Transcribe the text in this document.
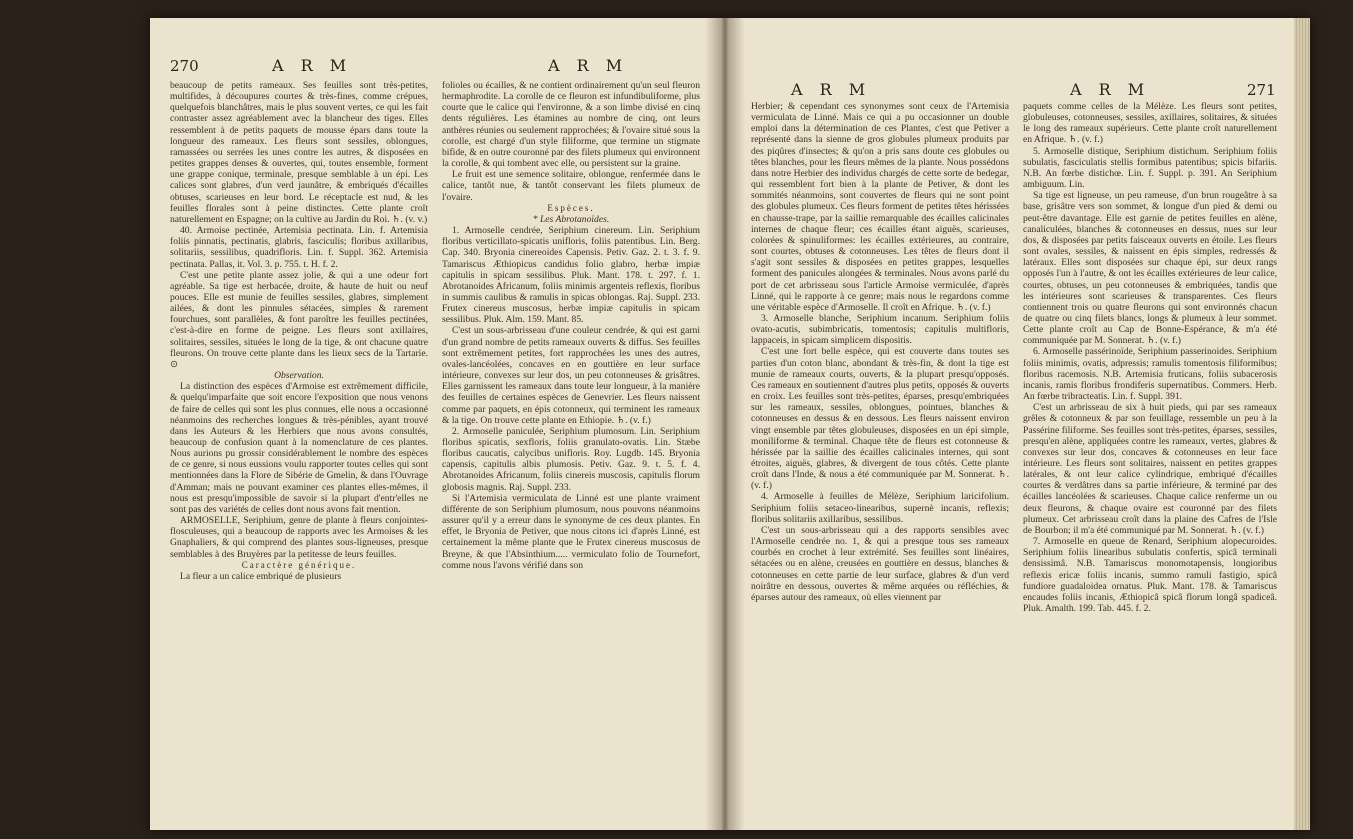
270	A R M	A R M

beaucoup de petits rameaux. Ses feuilles sont très-petites, multifides, à découpures courtes & très-fines, comme crépues, quelquefois blanchâtres, mais le plus souvent vertes, ce qui les fait contraster assez agréablement avec la blancheur des tiges. Elles ressemblent à de petits paquets de mousse épars dans toute la longueur des rameaux. Les fleurs sont sessiles, oblongues, ramassées ou serrées les unes contre les autres, & disposées en petites grappes denses & ouvertes, qui, toutes ensemble, forment une grappe conique, terminale, presque semblable à un épi. Les calices sont glabres, d'un verd jaunâtre, & embriqués d'écailles obtuses, scarieuses en leur bord. Le réceptacle est nud, & les feuilles florales sont à peine distinctes. Cette plante croît naturellement en Espagne; on la cultive au Jardin du Roi. ♄. (v. v.)

40. Armoise pectinée, Artemisia pectinata. Lin. f. Artemisia foliis pinnatis, pectinatis, glabris, fasciculis; floribus axillaribus, solitariis, sessilibus, quadrifloris. Lin. f. Suppl. 362. Artemisia pectinata. Pallas, it. Vol. 3. p. 755. t. H. f. 2.

C'est une petite plante assez jolie, & qui a une odeur fort agréable. Sa tige est herbacée, droite, & haute de huit ou neuf pouces. Elle est munie de feuilles sessiles, glabres, simplement ailées, & dont les pinnules sétacées, simples & rarement fourchues, sont parallèles, & font paroître les feuilles pectinées, c'est-à-dire en forme de peigne. Les fleurs sont axillaires, solitaires, sessiles, situées le long de la tige, & ont chacune quatre fleurons. On trouve cette plante dans les lieux secs de la Tartarie. ⊙

Observation.

La distinction des espèces d'Armoise est extrêmement difficile, & quelqu'imparfaite que soit encore l'exposition que nous venons de faire de celles qui sont les plus connues, elle nous a occasionné néanmoins des recherches longues & très-pénibles, ayant trouvé dans les Auteurs & les Herbiers que nous avons consultés, beaucoup de confusion quant à la nomenclature de ces plantes. Nous aurions pu grossir considérablement le nombre des espèces de ce genre, si nous eussions voulu rapporter toutes celles qui sont mentionnées dans la Flore de Sibérie de Gmelin, & dans l'Ouvrage d'Amman; mais ne pouvant examiner ces plantes elles-mêmes, il nous est presqu'impossible de savoir si la plupart d'entr'elles ne sont pas des variétés de celles dont nous avons fait mention.

ARMOSELLE, Seriphium, genre de plante à fleurs conjointes-flosculeuses, qui a beaucoup de rapports avec les Armoises & les Gnaphaliers, & qui comprend des plantes sous-ligneuses, presque semblables à des Bruyères par la petitesse de leurs feuilles.

Caractère générique.

La fleur a un calice embriqué de plusieurs

folioles ou écailles, & ne contient ordinairement qu'un seul fleuron hermaphrodite. La corolle de ce fleuron est infundibuliforme, plus courte que le calice qui l'environne, & a son limbe divisé en cinq dents régulières. Les étamines au nombre de cinq, ont leurs anthères réunies ou seulement rapprochées; & l'ovaire situé sous la corolle, est chargé d'un style filiforme, que termine un stigmate bifide, & en outre couronné par des filets plumeux qui environnent la corolle, & qui tombent avec elle, ou persistent sur la graine.

Le fruit est une semence solitaire, oblongue, renfermée dans le calice, tantôt nue, & tantôt conservant les filets plumeux de l'ovaire.

Espèces.

* Les Abrotanoïdes.

1. Armoselle cendrée, Seriphium cinereum. Lin. Seriphium floribus verticillato-spicatis unifloris, foliis patentibus. Lin. Berg. Cap. 340. Bryonia cinereoides Capensis. Petiv. Gaz. 2. t. 3. f. 9. Tamariscus Æthiopicus candidus folio glabro, herbæ impiæ capitulis in spicam sessilibus. Pluk. Mant. 178. t. 297. f. 1. Abrotanoides Africanum, foliis minimis argenteis reflexis, floribus in summis caulibus & ramulis in spicas oblongas. Raj. Suppl. 233. Frutex cinereus muscosus, herbæ impiæ capitulis in spicam sessilibus. Pluk. Alm. 159. Mant. 85.

C'est un sous-arbrisseau d'une couleur cendrée, & qui est garni d'un grand nombre de petits rameaux ouverts & diffus. Ses feuilles sont extrêmement petites, fort rapprochées les unes des autres, ovales-lancéolées, concaves en en gouttière en leur surface intérieure, convexes sur leur dos, un peu cotonneuses & grisâtres. Elles garnissent les rameaux dans toute leur longueur, à la manière des feuilles de certaines espèces de Genevrier. Les fleurs naissent comme par paquets, en épis cotonneux, qui terminent les rameaux & la tige. On trouve cette plante en Ethiopie. ♄. (v. f.)

2. Armoselle paniculée, Seriphium plumosum. Lin. Seriphium floribus spicatis, sexfloris, foliis granulato-ovatis. Lin. Stæbe floribus caucatis, calycibus unifloris. Roy. Lugdb. 145. Bryonia capensis, capitulis albis plumosis. Petiv. Gaz. 9. t. 5. f. 4. Abrotanoides Africanum, foliis cinereis muscosis, capitulis florum globosis magnis. Raj. Suppl. 233.

Si l'Artemisia vermiculata de Linné est une plante vraiment différente de son Seriphium plumosum, nous pouvons néanmoins assurer qu'il y a erreur dans le synonyme de ces deux plantes. En effet, le Bryonia de Petiver, que nous citons ici d'après Linné, est certainement la même plante que le Frutex cinereus muscosus de Breyne, & que l'Absinthium..... vermiculato folio de Tournefort, comme nous l'avons vérifié dans son

A R M	A R M	271

Herbier; & cependant ces synonymes sont ceux de l'Artemisia vermiculata de Linné. Mais ce qui a pu occasionner un double emploi dans la détermination de ces Plantes, c'est que Petiver a représenté dans la sienne de gros globules plumeux produits par des piqûres d'insectes; & qu'on a pris sans doute ces globules ou têtes blanches, pour les fleurs mêmes de la plante. Nous possédons dans notre Herbier des individus chargés de cette sorte de bedegar, qui ressemblent fort bien à la plante de Petiver, & dont les sommités néanmoins, sont couvertes de fleurs qui ne sont point des globules plumeux. Ces fleurs forment de petites têtes hérissées en chausse-trape, par la saillie remarquable des écailles calicinales internes de chaque fleur; ces écailles étant aiguës, scarieuses, colorées & spinuliformes: les écailles extérieures, au contraire, sont courtes, obtuses & cotonneuses. Les têtes de fleurs dont il s'agit sont sessiles & disposées en petites grappes, lesquelles forment des panicules alongées & terminales. Nous avons parlé du port de cet arbrisseau sous l'article Armoise vermiculée, d'après Linné, qui le rapporte à ce genre; mais nous le regardons comme une véritable espèce d'Armoselle. Il croît en Afrique. ♄. (v. f.)

3. Armoselle blanche, Seriphium incanum. Seriphium foliis ovato-acutis, subimbricatis, tomentosis; capitulis multifloris, lappaceis, in spicam simplicem dispositis.

C'est une fort belle espèce, qui est couverte dans toutes ses parties d'un coton blanc, abondant & très-fin, & dont la tige est munie de rameaux courts, ouverts, & la plupart presqu'opposés. Ces rameaux en soutiennent d'autres plus petits, opposés & ouverts en croix. Les feuilles sont très-petites, éparses, presqu'embriquées sur les rameaux, sessiles, oblongues, pointues, blanches & cotonneuses en dessus & en dessous. Les fleurs naissent environ vingt ensemble par têtes globuleuses, disposées en un épi simple, moniliforme & terminal. Chaque tête de fleurs est cotonneuse & hérissée par la saillie des écailles calicinales internes, qui sont étroites, aiguës, glabres, & divergent de tous côtés. Cette plante croît dans l'Inde, & nous a été communiquée par M. Sonnerat. ♄. (v. f.)

4. Armoselle à feuilles de Mélèze, Seriphium laricifolium. Seriphium foliis setaceo-linearibus, supernè incanis, reflexis; floribus solitariis axillaribus, sessilibus.

C'est un sous-arbrisseau qui a des rapports sensibles avec l'Armoselle cendrée no. 1, & qui a presque tous ses rameaux courbés en crochet à leur extrémité. Ses feuilles sont linéaires, sétacées ou en alène, creusées en gouttière en dessus, blanches & cotonneuses en cette partie de leur surface, glabres & d'un verd noirâtre en dessous, ouvertes & même arquées ou réfléchies, & éparses autour des rameaux, où elles viennent par

paquets comme celles de la Mélèze. Les fleurs sont petites, globuleuses, cotonneuses, sessiles, axillaires, solitaires, & situées le long des rameaux supérieurs. Cette plante croît naturellement en Afrique. ♄. (v. f.)

5. Armoselle distique, Seriphium distichum. Seriphium foliis subulatis, fasciculatis stellis formibus patentibus; spicis bifariis. N.B. An fœrbe distichœ. Lin. f. Suppl. p. 391. An Seriphium ambiguum. Lin.

Sa tige est ligneuse, un peu rameuse, d'un brun rougeâtre à sa base, grisâtre vers son sommet, & longue d'un pied & demi ou peut-être davantage. Elle est garnie de petites feuilles en alène, canaliculées, blanches & cotonneuses en dessus, nues sur leur dos, & disposées par petits faisceaux ouverts en étoile. Les fleurs sont ovales, sessiles, & naissent en épis simples, redressés & latéraux. Elles sont disposées sur chaque épi, sur deux rangs opposés l'un à l'autre, & ont les écailles extérieures de leur calice, courtes, obtuses, un peu cotonneuses & embriquées, tandis que les intérieures sont scarieuses & transparentes. Ces fleurs contiennent trois ou quatre fleurons qui sont environnés chacun de quatre ou cinq filets blancs, longs & plumeux à leur sommet. Cette plante croît au Cap de Bonne-Espérance, & m'a été communiquée par M. Sonnerat. ♄. (v. f.)

6. Armoselle passérinoïde, Seriphium passerinoides. Seriphium foliis minimis, ovatis, adpressis; ramulis tomentosis filiformibus; floribus racemosis. N.B. Artemisia fruticans, foliis subacerosis incanis, ramis floribus frondiferis supernatibus. Commers. Herb. An fœrbe tribracteatis. Lin. f. Suppl. 391.

C'est un arbrisseau de six à huit pieds, qui par ses rameaux grêles & cotonneux & par son feuillage, ressemble un peu à la Passérine filiforme. Ses feuilles sont très-petites, éparses, sessiles, presqu'en alène, appliquées contre les rameaux, vertes, glabres & convexes sur leur dos, concaves & cotonneuses en leur face intérieure. Les fleurs sont solitaires, naissent en petites grappes latérales, & ont leur calice cylindrique, embriqué d'écailles courtes & verdâtres dans sa partie inférieure, & terminé par des écailles lancéolées & scarieuses. Chaque calice renferme un ou deux fleurons, & chaque ovaire est couronné par des filets plumeux. Cet arbrisseau croît dans la plaine des Cafres de l'Isle de Bourbon; il m'a été communiqué par M. Sonnerat. ♄. (v. f.)

7. Armoselle en queue de Renard, Seriphium alopecuroides. Seriphium foliis linearibus subulatis confertis, spicâ terminali densissimâ. N.B. Tamariscus monomotapensis, longioribus reflexis ericæ foliis incanis, summo ramuli fastigio, spicâ fundiore guadaloidea ornatus. Pluk. Mant. 178. & Tamariscus encaudes foliis incanis, Æthiopicâ spicâ florum longâ spadiceâ. Pluk. Amalth. 199. Tab. 445. f. 2.
